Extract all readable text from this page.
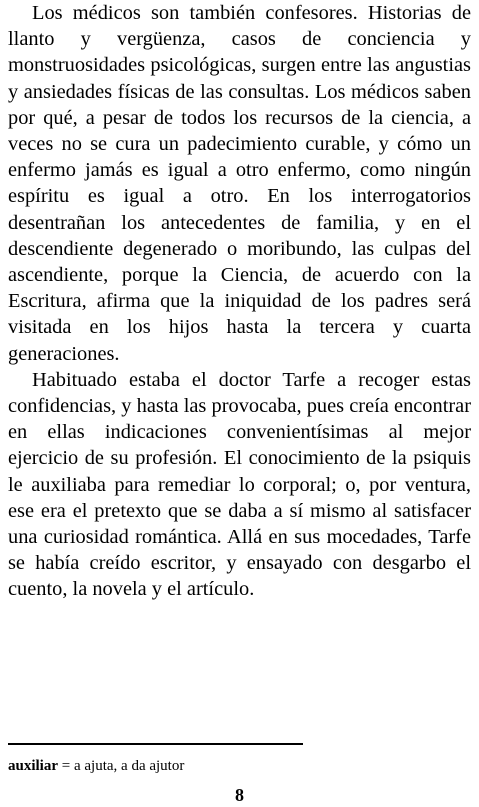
Los médicos son también confesores. Historias de llanto y vergüenza, casos de conciencia y monstruosidades psicológicas, surgen entre las angustias y ansiedades físicas de las consultas. Los médicos saben por qué, a pesar de todos los recursos de la ciencia, a veces no se cura un padecimiento curable, y cómo un enfermo jamás es igual a otro enfermo, como ningún espíritu es igual a otro. En los interrogatorios desentrañan los antecedentes de familia, y en el descendiente degenerado o moribundo, las culpas del ascendiente, porque la Ciencia, de acuerdo con la Escritura, afirma que la iniquidad de los padres será visitada en los hijos hasta la tercera y cuarta generaciones.

Habituado estaba el doctor Tarfe a recoger estas confidencias, y hasta las provocaba, pues creía encontrar en ellas indicaciones convenientísimas al mejor ejercicio de su profesión. El conocimiento de la psiquis le auxiliaba para remediar lo corporal; o, por ventura, ese era el pretexto que se daba a sí mismo al satisfacer una curiosidad romántica. Allá en sus mocedades, Tarfe se había creído escritor, y ensayado con desgarbo el cuento, la novela y el artículo.

auxiliar = a ajuta, a da ajutor
8
